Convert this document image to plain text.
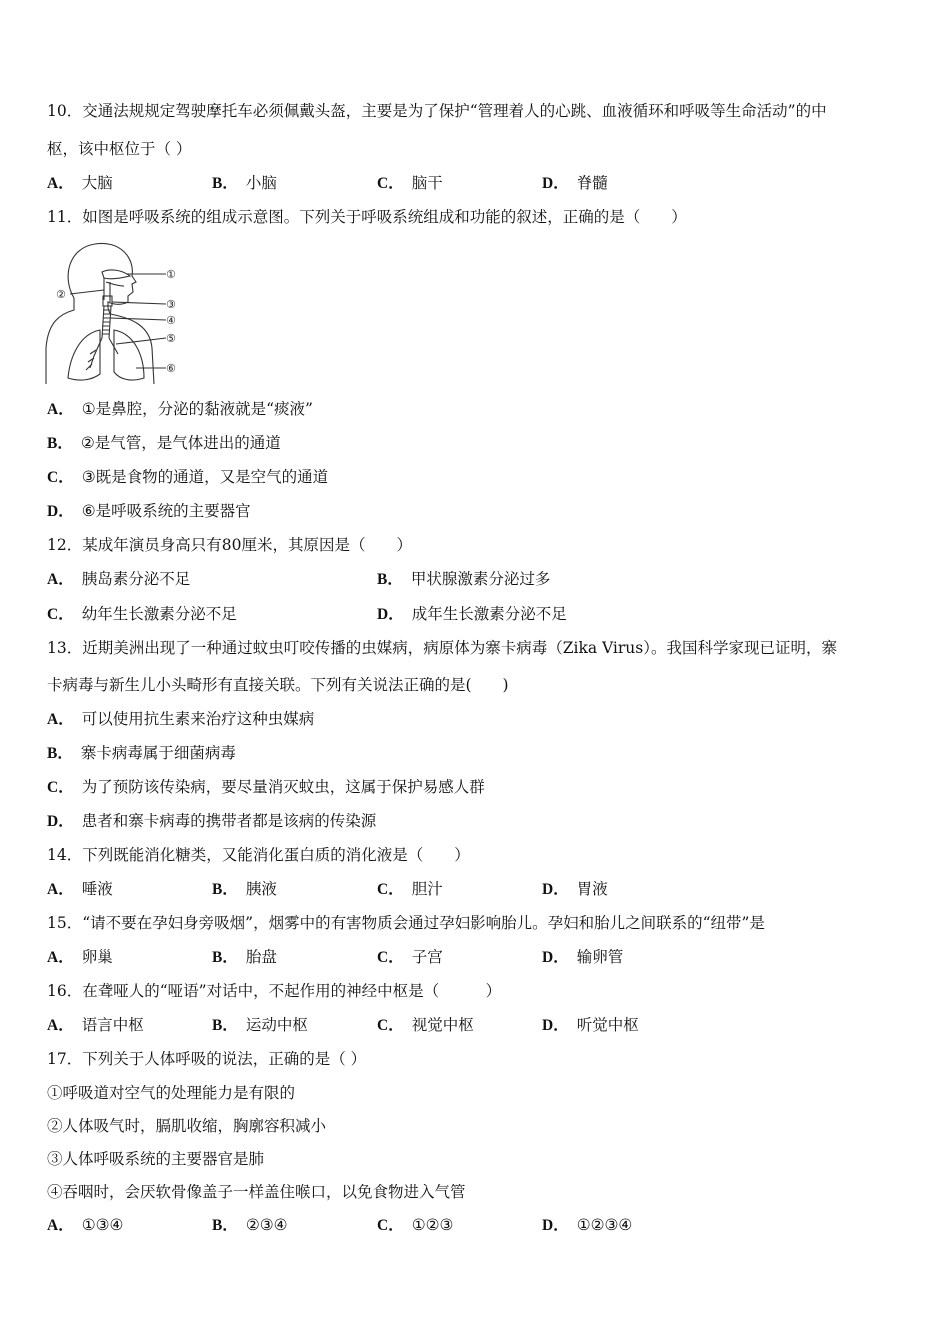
10．交通法规规定驾驶摩托车必须佩戴头盔，主要是为了保护“管理着人的心跳、血液循环和呼吸等生命活动”的中
枢，该中枢位于（ ）
A． 大脑	B． 小脑	C． 脑干	D． 脊髓
11．如图是呼吸系统的组成示意图。下列关于呼吸系统组成和功能的叙述，正确的是（　　）
①
②
③
④
⑤
⑥
A． ①是鼻腔，分泌的黏液就是“痰液”
B． ②是气管，是气体进出的通道
C． ③既是食物的通道，又是空气的通道
D． ⑥是呼吸系统的主要器官
12．某成年演员身高只有80厘米，其原因是（　　）
A． 胰岛素分泌不足	B． 甲状腺激素分泌过多
C． 幼年生长激素分泌不足	D． 成年生长激素分泌不足
13．近期美洲出现了一种通过蚊虫叮咬传播的虫媒病，病原体为寨卡病毒（Zika Virus）。我国科学家现已证明，寨
卡病毒与新生儿小头畸形有直接关联。下列有关说法正确的是(　　)
A． 可以使用抗生素来治疗这种虫媒病
B． 寨卡病毒属于细菌病毒
C． 为了预防该传染病，要尽量消灭蚊虫，这属于保护易感人群
D． 患者和寨卡病毒的携带者都是该病的传染源
14．下列既能消化糖类，又能消化蛋白质的消化液是（　　）
A． 唾液	B． 胰液	C． 胆汁	D． 胃液
15．“请不要在孕妇身旁吸烟”，烟雾中的有害物质会通过孕妇影响胎儿。孕妇和胎儿之间联系的“纽带”是
A． 卵巢	B． 胎盘	C． 子宫	D． 输卵管
16．在聋哑人的“哑语”对话中，不起作用的神经中枢是（　　　）
A． 语言中枢	B． 运动中枢	C． 视觉中枢	D． 听觉中枢
17．下列关于人体呼吸的说法，正确的是（ ）
①呼吸道对空气的处理能力是有限的
②人体吸气时，膈肌收缩，胸廓容积减小
③人体呼吸系统的主要器官是肺
④吞咽时，会厌软骨像盖子一样盖住喉口，以免食物进入气管
A． ①③④	B． ②③④	C． ①②③	D． ①②③④
